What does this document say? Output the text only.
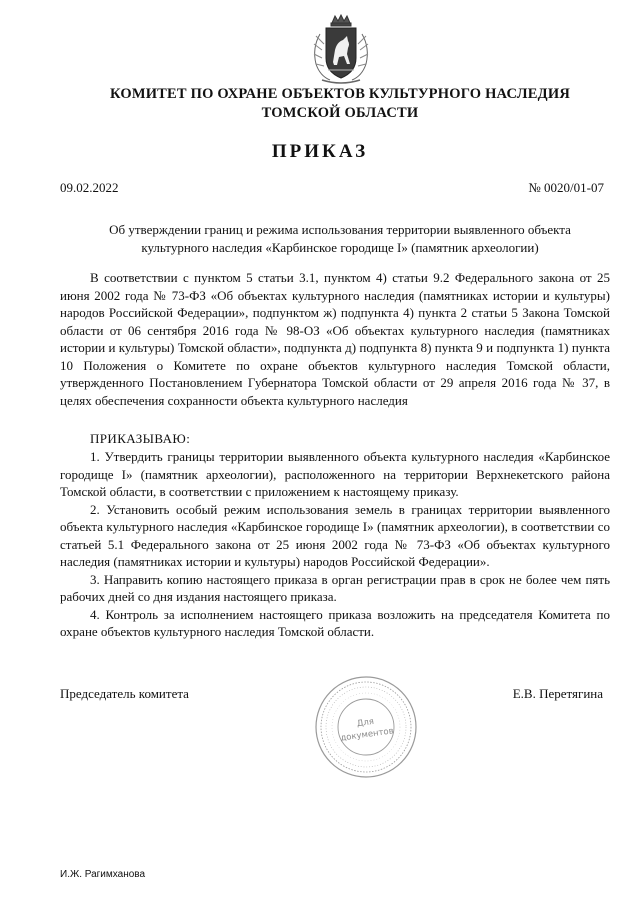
КОМИТЕТ ПО ОХРАНЕ ОБЪЕКТОВ КУЛЬТУРНОГО НАСЛЕДИЯ
ТОМСКОЙ ОБЛАСТИ
ПРИКАЗ
09.02.2022	№ 0020/01-07
Об утверждении границ и режима использования территории выявленного объекта
культурного наследия «Карбинское городище I» (памятник археологии)
В соответствии с пунктом 5 статьи 3.1, пунктом 4) статьи 9.2 Федерального закона от 25 июня 2002 года № 73-ФЗ «Об объектах культурного наследия (памятниках истории и культуры) народов Российской Федерации», подпунктом ж) подпункта 4) пункта 2 статьи 5 Закона Томской области от 06 сентября 2016 года № 98-ОЗ «Об объектах культурного наследия (памятниках истории и культуры) Томской области», подпункта д) подпункта 8) пункта 9 и подпункта 1) пункта 10 Положения о Комитете по охране объектов культурного наследия Томской области, утвержденного Постановлением Губернатора Томской области от 29 апреля 2016 года № 37, в целях обеспечения сохранности объекта культурного наследия
ПРИКАЗЫВАЮ:

1. Утвердить границы территории выявленного объекта культурного наследия «Карбинское городище I» (памятник археологии), расположенного на территории Верхнекетского района Томской области, в соответствии с приложением к настоящему приказу.

2. Установить особый режим использования земель в границах территории выявленного объекта культурного наследия «Карбинское городище I» (памятник археологии), в соответствии со статьей 5.1 Федерального закона от 25 июня 2002 года № 73-ФЗ «Об объектах культурного наследия (памятниках истории и культуры) народов Российской Федерации».

3. Направить копию настоящего приказа в орган регистрации прав в срок не более чем пять рабочих дней со дня издания настоящего приказа.

4. Контроль за исполнением настоящего приказа возложить на председателя Комитета по охране объектов культурного наследия Томской области.

Председатель комитета	Е.В. Перетягина
Для
документов
И.Ж. Рагимханова
